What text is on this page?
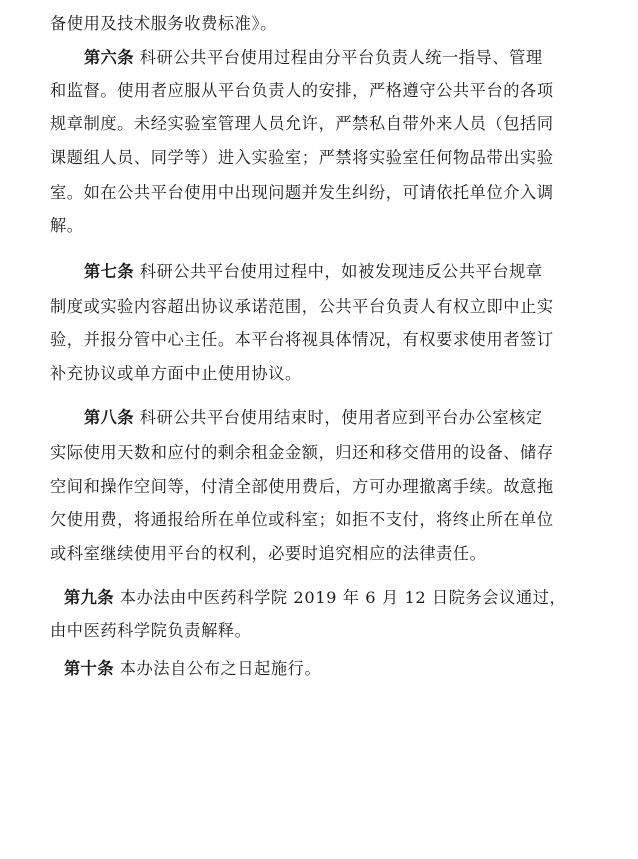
备使用及技术服务收费标准》。
第六条 科研公共平台使用过程由分平台负责人统一指导、管理
和监督。使用者应服从平台负责人的安排，严格遵守公共平台的各项
规章制度。未经实验室管理人员允许，严禁私自带外来人员（包括同
课题组人员、同学等）进入实验室；严禁将实验室任何物品带出实验
室。如在公共平台使用中出现问题并发生纠纷，可请依托单位介入调
解。
第七条 科研公共平台使用过程中，如被发现违反公共平台规章
制度或实验内容超出协议承诺范围，公共平台负责人有权立即中止实
验，并报分管中心主任。本平台将视具体情况，有权要求使用者签订
补充协议或单方面中止使用协议。
第八条 科研公共平台使用结束时，使用者应到平台办公室核定
实际使用天数和应付的剩余租金金额，归还和移交借用的设备、储存
空间和操作空间等，付清全部使用费后，方可办理撤离手续。故意拖
欠使用费，将通报给所在单位或科室；如拒不支付，将终止所在单位
或科室继续使用平台的权利，必要时追究相应的法律责任。
第九条 本办法由中医药科学院 2019 年 6 月 12 日院务会议通过，
由中医药科学院负责解释。
第十条 本办法自公布之日起施行。
